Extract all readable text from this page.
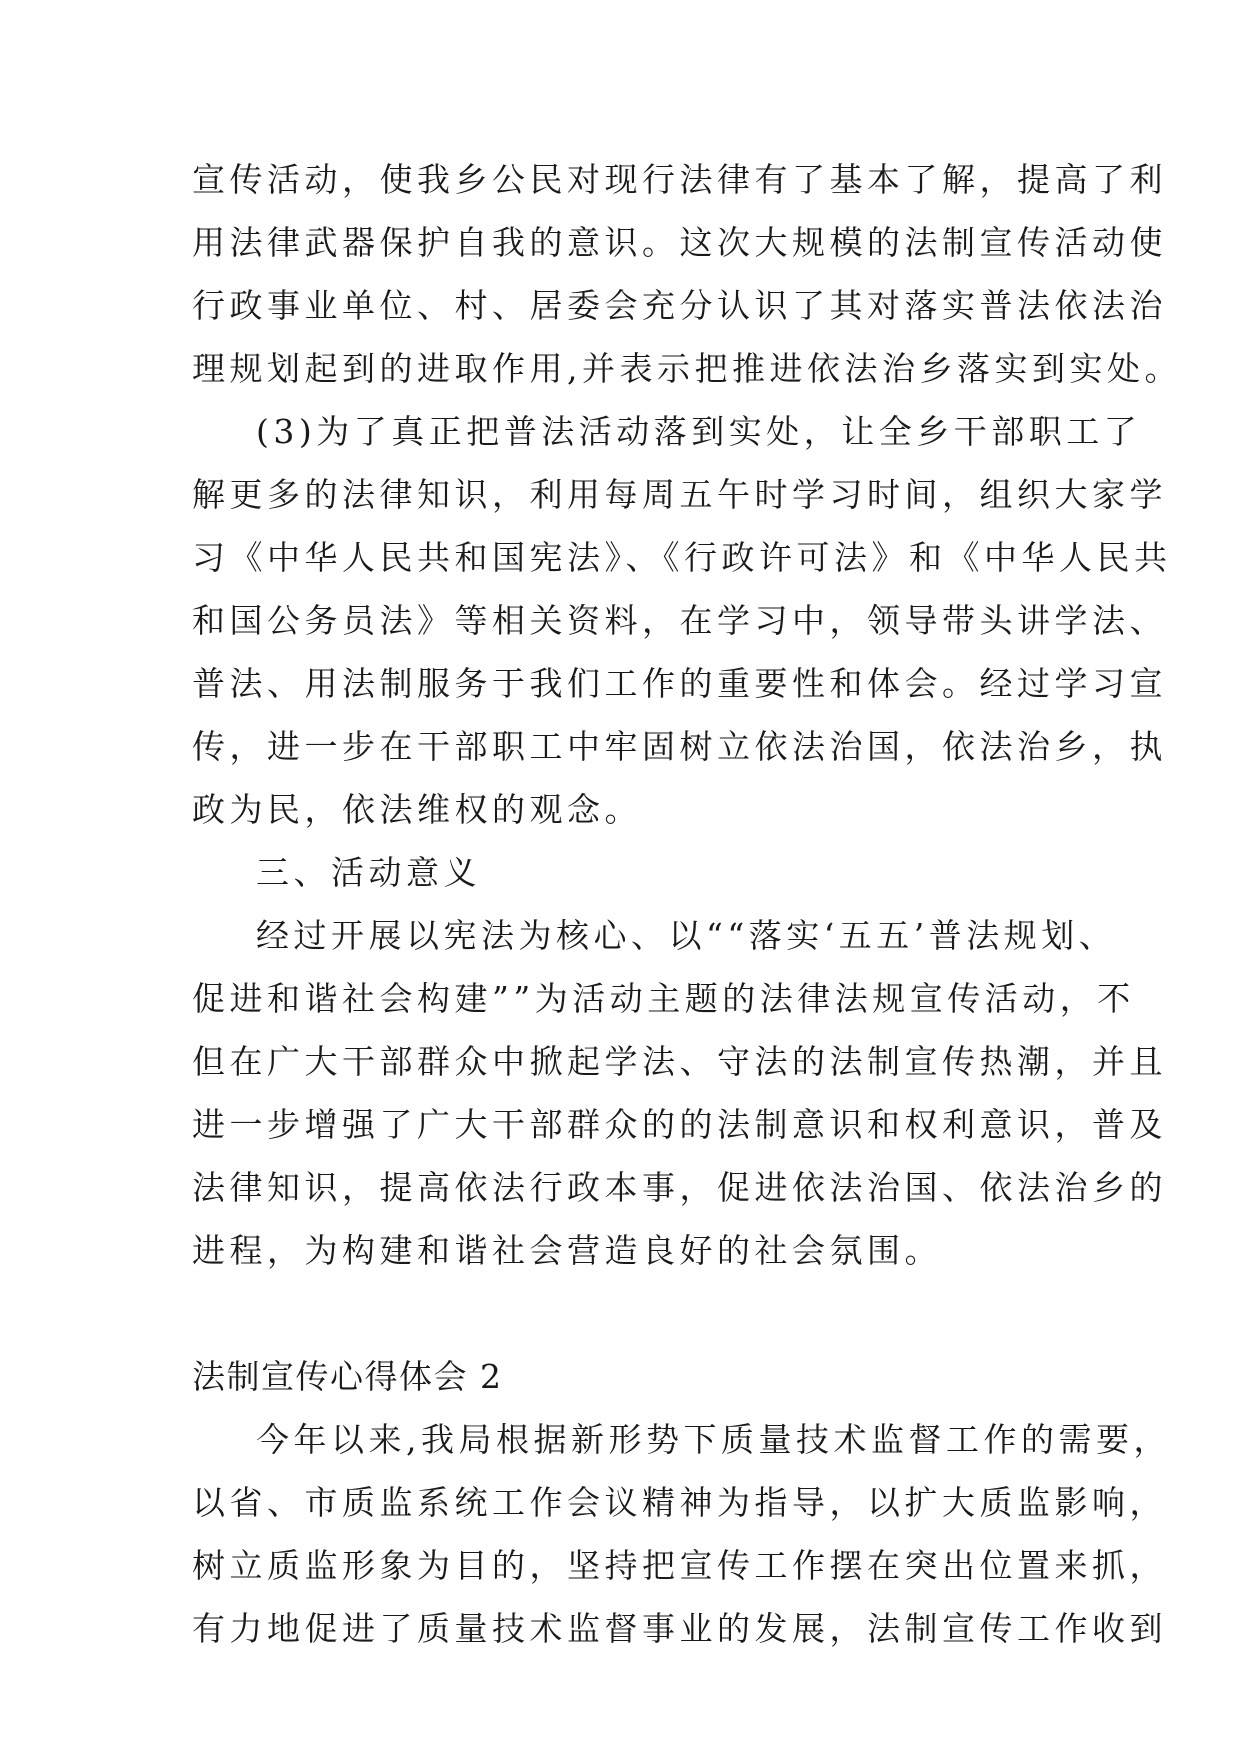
宣传活动，使我乡公民对现行法律有了基本了解，提高了利
用法律武器保护自我的意识。这次大规模的法制宣传活动使
行政事业单位、村、居委会充分认识了其对落实普法依法治
理规划起到的进取作用,并表示把推进依法治乡落实到实处。
(3)为了真正把普法活动落到实处，让全乡干部职工了
解更多的法律知识，利用每周五午时学习时间，组织大家学
习《中华人民共和国宪法》、《行政许可法》和《中华人民共
和国公务员法》等相关资料，在学习中，领导带头讲学法、
普法、用法制服务于我们工作的重要性和体会。经过学习宣
传，进一步在干部职工中牢固树立依法治国，依法治乡，执
政为民，依法维权的观念。
三、活动意义
经过开展以宪法为核心、以““落实‘五五’普法规划、
促进和谐社会构建””为活动主题的法律法规宣传活动，不
但在广大干部群众中掀起学法、守法的法制宣传热潮，并且
进一步增强了广大干部群众的的法制意识和权利意识，普及
法律知识，提高依法行政本事，促进依法治国、依法治乡的
进程，为构建和谐社会营造良好的社会氛围。
法制宣传心得体会 2
今年以来,我局根据新形势下质量技术监督工作的需要，
以省、市质监系统工作会议精神为指导，以扩大质监影响，
树立质监形象为目的，坚持把宣传工作摆在突出位置来抓，
有力地促进了质量技术监督事业的发展，法制宣传工作收到
